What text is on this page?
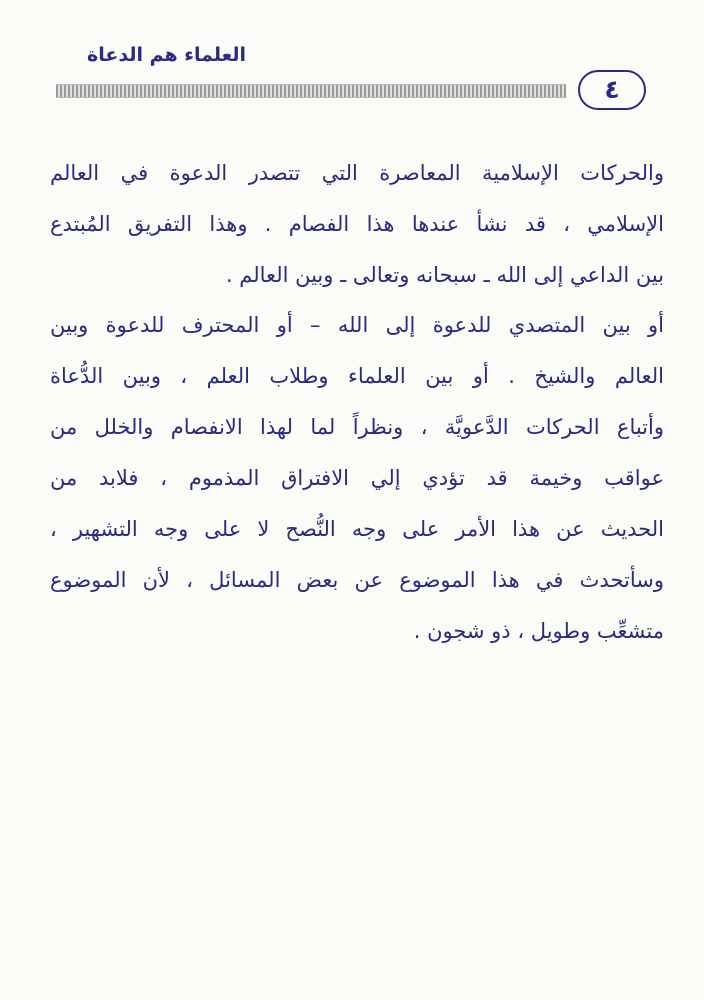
العلماء هم الدعاة
٤
والحركات الإسلامية المعاصرة التي تتصدر الدعوة في العالم
الإسلامي ، قد نشأ عندها هذا الفصام . وهذا التفريق المُبتدع
بين الداعي إلى الله ـ سبحانه وتعالى ـ وبين العالم .
أو بين المتصدي للدعوة إلى الله – أو المحترف للدعوة وبين
العالم والشيخ . أو بين العلماء وطلاب العلم ، وبين الدُّعاة
وأتباع الحركات الدَّعويَّة ، ونظراً لما لهذا الانفصام والخلل من
عواقب وخيمة قد تؤدي إلي الافتراق المذموم ، فلابد من
الحديث عن هذا الأمر على وجه النُّصح لا على وجه التشهير ،
وسأتحدث في هذا الموضوع عن بعض المسائل ، لأن الموضوع
متشعِّب وطويل ، ذو شجون .
